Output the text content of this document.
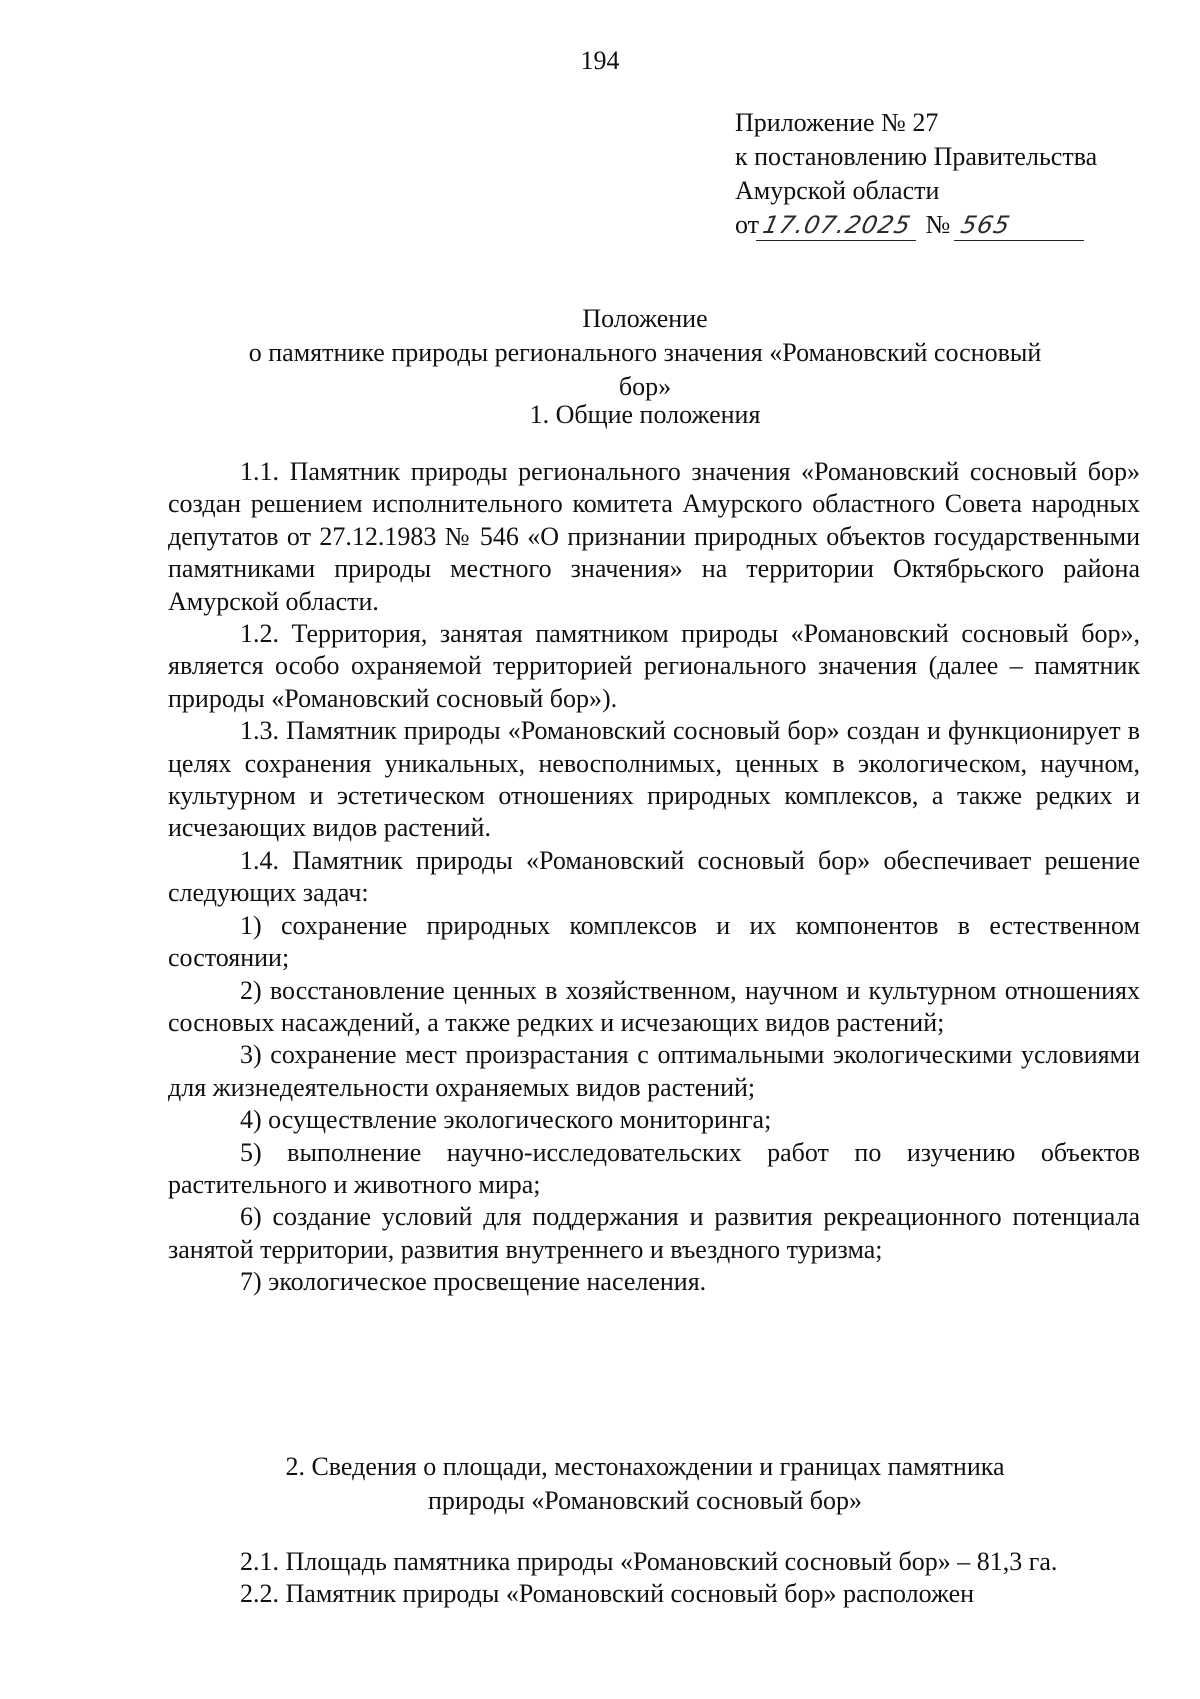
194
Приложение № 27
к постановлению Правительства
Амурской области
от17.07.2025 № 565
Положение
о памятнике природы регионального значения «Романовский сосновый бор»
1. Общие положения

1.1. Памятник природы регионального значения «Романовский сосновый бор» создан решением исполнительного комитета Амурского областного Совета народных депутатов от 27.12.1983 № 546 «О признании природных объектов государственными памятниками природы местного значения» на территории Октябрьского района Амурской области.

1.2. Территория, занятая памятником природы «Романовский сосновый бор», является особо охраняемой территорией регионального значения (далее – памятник природы «Романовский сосновый бор»).

1.3. Памятник природы «Романовский сосновый бор» создан и функционирует в целях сохранения уникальных, невосполнимых, ценных в экологическом, научном, культурном и эстетическом отношениях природных комплексов, а также редких и исчезающих видов растений.

1.4. Памятник природы «Романовский сосновый бор» обеспечивает решение следующих задач:

1) сохранение природных комплексов и их компонентов в естественном состоянии;

2) восстановление ценных в хозяйственном, научном и культурном отношениях сосновых насаждений, а также редких и исчезающих видов растений;

3) сохранение мест произрастания с оптимальными экологическими условиями для жизнедеятельности охраняемых видов растений;

4) осуществление экологического мониторинга;

5) выполнение научно-исследовательских работ по изучению объектов растительного и животного мира;

6) создание условий для поддержания и развития рекреационного потенциала занятой территории, развития внутреннего и въездного туризма;

7) экологическое просвещение населения.

2. Сведения о площади, местонахождении и границах памятника
природы «Романовский сосновый бор»

2.1. Площадь памятника природы «Романовский сосновый бор» – 81,3 га.

2.2. Памятник природы «Романовский сосновый бор» расположен
